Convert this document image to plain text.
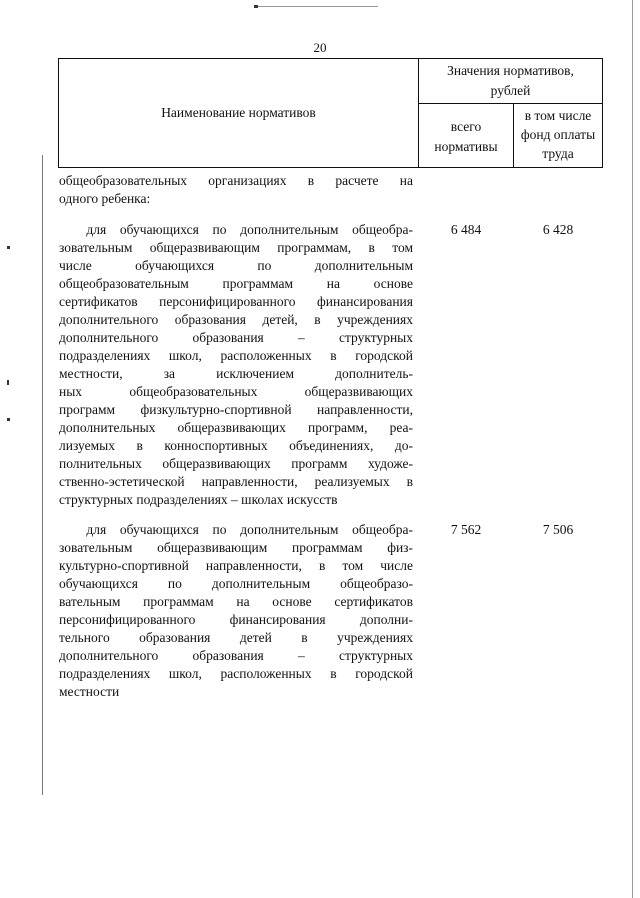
20
Наименование нормативов
Значения нормативов,
рублей
всего
нормативы
в том числе
фонд оплаты
труда
общеобразовательных организациях в расчете на
одного ребенка:
для обучающихся по дополнительным общеобра-
зовательным общеразвивающим программам, в том
числе обучающихся по дополнительным
общеобразовательным программам на основе
сертификатов персонифицированного финансирования
дополнительного образования детей, в учреждениях
дополнительного образования – структурных
подразделениях школ, расположенных в городской
местности, за исключением дополнитель-
ных общеобразовательных общеразвивающих
программ физкультурно-спортивной направленности,
дополнительных общеразвивающих программ, реа-
лизуемых в конноспортивных объединениях, до-
полнительных общеразвивающих программ художе-
ственно-эстетической направленности, реализуемых в
структурных подразделениях – школах искусств
6 484	6 428
для обучающихся по дополнительным общеобра-
зовательным общеразвивающим программам физ-
культурно-спортивной направленности, в том числе
обучающихся по дополнительным общеобразо-
вательным программам на основе сертификатов
персонифицированного финансирования дополни-
тельного образования детей в учреждениях
дополнительного образования – структурных
подразделениях школ, расположенных в городской
местности
7 562	7 506
